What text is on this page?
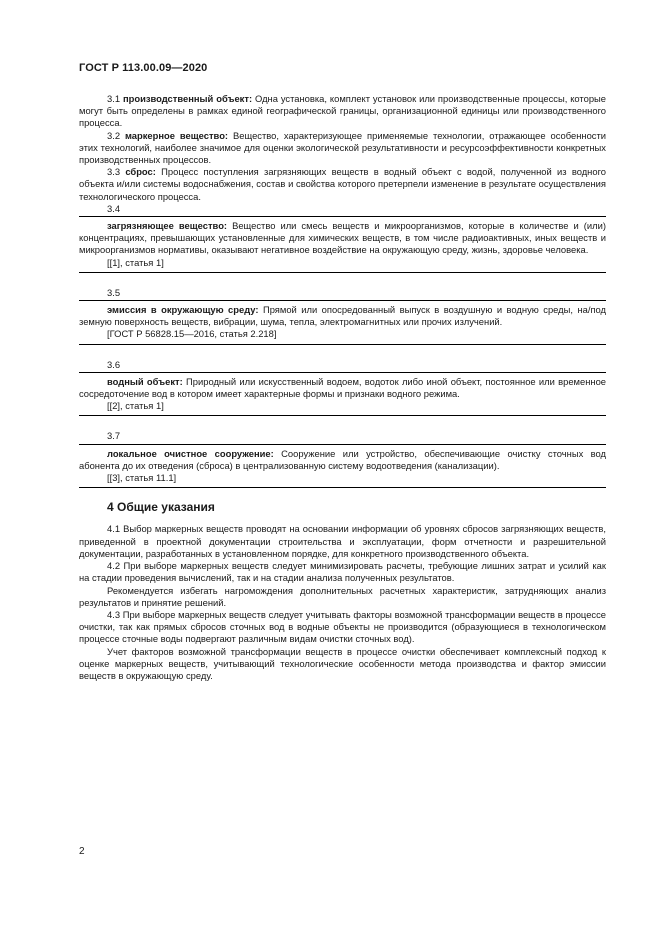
ГОСТ Р 113.00.09—2020

3.1 производственный объект: Одна установка, комплект установок или производственные процессы, которые могут быть определены в рамках единой географической границы, организационной единицы или производственного процесса.

3.2 маркерное вещество: Вещество, характеризующее применяемые технологии, отражающее особенности этих технологий, наиболее значимое для оценки экологической результативности и ресурсоэффективности конкретных производственных процессов.

3.3 сброс: Процесс поступления загрязняющих веществ в водный объект с водой, полученной из водного объекта и/или системы водоснабжения, состав и свойства которого претерпели изменение в результате осуществления технологического процесса.

3.4

загрязняющее вещество: Вещество или смесь веществ и микроорганизмов, которые в количестве и (или) концентрациях, превышающих установленные для химических веществ, в том числе радиоактивных, иных веществ и микроорганизмов нормативы, оказывают негативное воздействие на окружающую среду, жизнь, здоровье человека.

[[1], статья 1]

3.5

эмиссия в окружающую среду: Прямой или опосредованный выпуск в воздушную и водную среды, на/под земную поверхность веществ, вибрации, шума, тепла, электромагнитных или прочих излучений.

[ГОСТ Р 56828.15—2016, статья 2.218]

3.6

водный объект: Природный или искусственный водоем, водоток либо иной объект, постоянное или временное сосредоточение вод в котором имеет характерные формы и признаки водного режима.

[[2], статья 1]

3.7

локальное очистное сооружение: Сооружение или устройство, обеспечивающие очистку сточных вод абонента до их отведения (сброса) в централизованную систему водоотведения (канализации).

[[3], статья 11.1]

4 Общие указания

4.1 Выбор маркерных веществ проводят на основании информации об уровнях сбросов загрязняющих веществ, приведенной в проектной документации строительства и эксплуатации, форм отчетности и разрешительной документации, разработанных в установленном порядке, для конкретного производственного объекта.

4.2 При выборе маркерных веществ следует минимизировать расчеты, требующие лишних затрат и усилий как на стадии проведения вычислений, так и на стадии анализа полученных результатов.

Рекомендуется избегать нагромождения дополнительных расчетных характеристик, затрудняющих анализ результатов и принятие решений.

4.3 При выборе маркерных веществ следует учитывать факторы возможной трансформации веществ в процессе очистки, так как прямых сбросов сточных вод в водные объекты не производится (образующиеся в технологическом процессе сточные воды подвергают различным видам очистки сточных вод).

Учет факторов возможной трансформации веществ в процессе очистки обеспечивает комплексный подход к оценке маркерных веществ, учитывающий технологические особенности метода производства и фактор эмиссии веществ в окружающую среду.

2
